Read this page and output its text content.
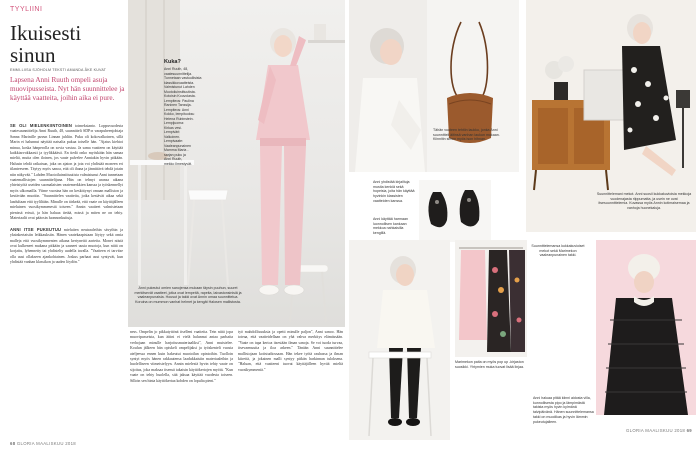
TYYLIINI
Ikuisesti sinun
EMMI-LIISA SJÖHOLM TEKSTI AMANDA ÅKE KUVAT

Lapsena Anni Ruuth ompeli asuja muovipusseista. Nyt hän suunnittelee ja käyttää vaatteita, joihin aika ei pure.

SE OLI MIELENKIINTOINEN toimeksianto. Loppuvuodesta vaatesuunnittelija Anni Ruuth, 48, suunnitteli SDP:n varapuheenjohtaja Sanna Marinille puvun Linnan juhliin. Puku oli kokovalkoinen, sillä Marin ei halunnut näyttää natsalta pukua toiselle hän. "Ajatus kiehtoi minua, koska hänperolla on sovia vastuu. Ja sama vaatteen on käyttää kaikkiarvokkaasti ja tyylikkäästi. En tiedä onko myöskään hän samaa mieltä, mutta olen iloinen, jos vaate palvelee Anniakin hyvin pitkään. Halusin tehdä ratkaisun, joka on ajaton ja jota voi yhdistää moneen eri tilanteeseen. Täytyy myös sanoa, että oli ihana ja jännittävä tehdä jotain niin näkyvää." Lahden Muotoiluinstituutista valmistunut Anni tunnetaan vaatemallistojen suunnittelijana. Hän on tehnyt uransa aikana yhteistyötä useiden suomalaisten vaatemerkkien kanssa ja työskennellyt myös ulkomailla. Viime vuosina hän on keskittynyt omaan malliston ja kestävään muotiin. "Suunnittelen vaatteita, jotka kestävät aikaa sekä laadultaan että tyyliltään. Minulle on tärkeää, että vaate on käyttäjälleen mieluinen vuosikymmenestä toiseen." Annin vaatteet valmistetaan pienissä erissä, ja hän haluaa tietää, missä ja miten ne on tehty. Materiaalit ovat pääosin luonnonkuituja.

ANNI ITSE PUKEUTUU mieluiten neutraaleihin sävyihin ja yksinkertaisiin leikkauksiin. Hänen vaatekaapistaan löytyy sekä omia malleja että vuosikymmenten aikana kertyneitä aarteita. Monet niistä ovat kulkeneet mukana pitkään ja saaneet uusia muotoja, kun niitä on korjattu, lyhennetty tai yhdistelty uudella tavalla. "Vaatteen ei tarvitse olla uusi ollakseen ajankohtainen. Joskus parhaat asut syntyvät, kun yhdistää vanhan klassikon ja uuden löydön."
ness. Ompelin jo pikkutyttönä itselleni vaatteita. Tein niitä jopa muovipusseista, kun äitini ei vielä halunnut antaa parhaita verhojaan minulle harjoitusmateriaaliksi", Anni muistelee. Koulun jälkeen hän opiskeli ompelijaksi ja työskenteli vuosia ateljeessa ennen kuin hakeutui muotoilun opintoihin. Tuolloin syntyi myös hänen rakkautensa laadukkaisiin materiaaleihin ja huolelliseen viimeistelyyn. Annin mielestä hyvin tehty vaate on sijoitus, joka maksaa itsensä takaisin käyttökertojen myötä. "Kun vaate on tehty huolella, sitä jaksaa käyttää vuodesta toiseen. Silloin sen hinta käyttökertaa kohden on lopulta pieni."
työ mahdollisuuksia ja opetti minulle paljon", Anni sanoo. Hän toteaa, että vaatteidellaan on yhä vahva merkitys elämässään. "Vaate on tapa kertoa itsestään ilman sanoja. Se voi tuoda turvaa, itsevarmuutta ja iloa arkeen." Tänään Anni suunnittelee mallistojaan kotistudiossaan. Hän tekee työtä rauhassa ja ilman kiirettä, ja jokainen malli syntyy pitkän harkinnan tuloksena. "Haluan, että vaatteeni tuovat käyttäjälleen hyvää mieltä vuosikymmeniä."
68 GLORIA MAALISKUU 2018
Kuka?
Anni Ruuth, 48,
vaatesuunnittelija.
Tunnetaan vastuullisista
klassikkovaatteista.
Valmistunut Lahden
Muotoiluinstituutista.
Kotoisin Kouvolasta.
Lempiteos: Paulina
Raninen Tanssija.
Lempiteos: Anni
Kokko, lempituoksu
Helena Rubinstein.
Lempijuoma:
Kirkas vesi.
Lempiväri:
Valkoinen.
Lempivaate:
Vaaleanpunainen
Mamma Maria -
sarjan puku ja
Anni Ruuth,
mekko Ilmestyvät.
Anni pukeutui omien sanojensa mukaan täysin puuhun, suuret merkitsevät vaatteet, jotka ovat lempeitä, rapeita, laivastonsinisiä ja vaaleanpunaisia. Housut ja takki ovat Annin omaa suunnittelua. Koruina on mummon vanhat helmet ja kengät Halosen mallistosta.
Tähän vuoteen tehtiin laukku, jonka Anni suunnitteli äitinsä vanhan laukun mukaan. Kiinnitin siihen myös ison hihnan.
Suunnittelemani mekot. Anni suosii kukkakuvioisia mekkoja vuodenajasta riippumatta, ja usein ne ovat itsesuunnittelemia. Kuvassa myös Annin kotimaisemaa ja vanhoja huonekaluja.
Anni yhdistää kirjailtuja mustia kenkiä sekä hopeisia, joita hän käyttää hyvinkin klassisten vaatteiden kanssa.
Anni käyttää harmaan luonnollisen kankaan mekkoa nahkaisilla kengillä.
Suunnittelemansa kukkakuvioiset mekot sekä Marimekon vaaleanpunainen takki.
Marimekon paita on myös pop up -kirjaston suosikki. Yhtymien muka tuovat lisää linjaa.
Anni haluaa pitää kiinni aidosta villa, kunnollisesta pipo ja lämpimästä takista myös hyvin kylmänä talvipäivänä. Hänen suunnittelemansa takki on muodikas ja hyvin lämmin pukeutujalleen.
GLORIA MAALISKUU 2018 69
